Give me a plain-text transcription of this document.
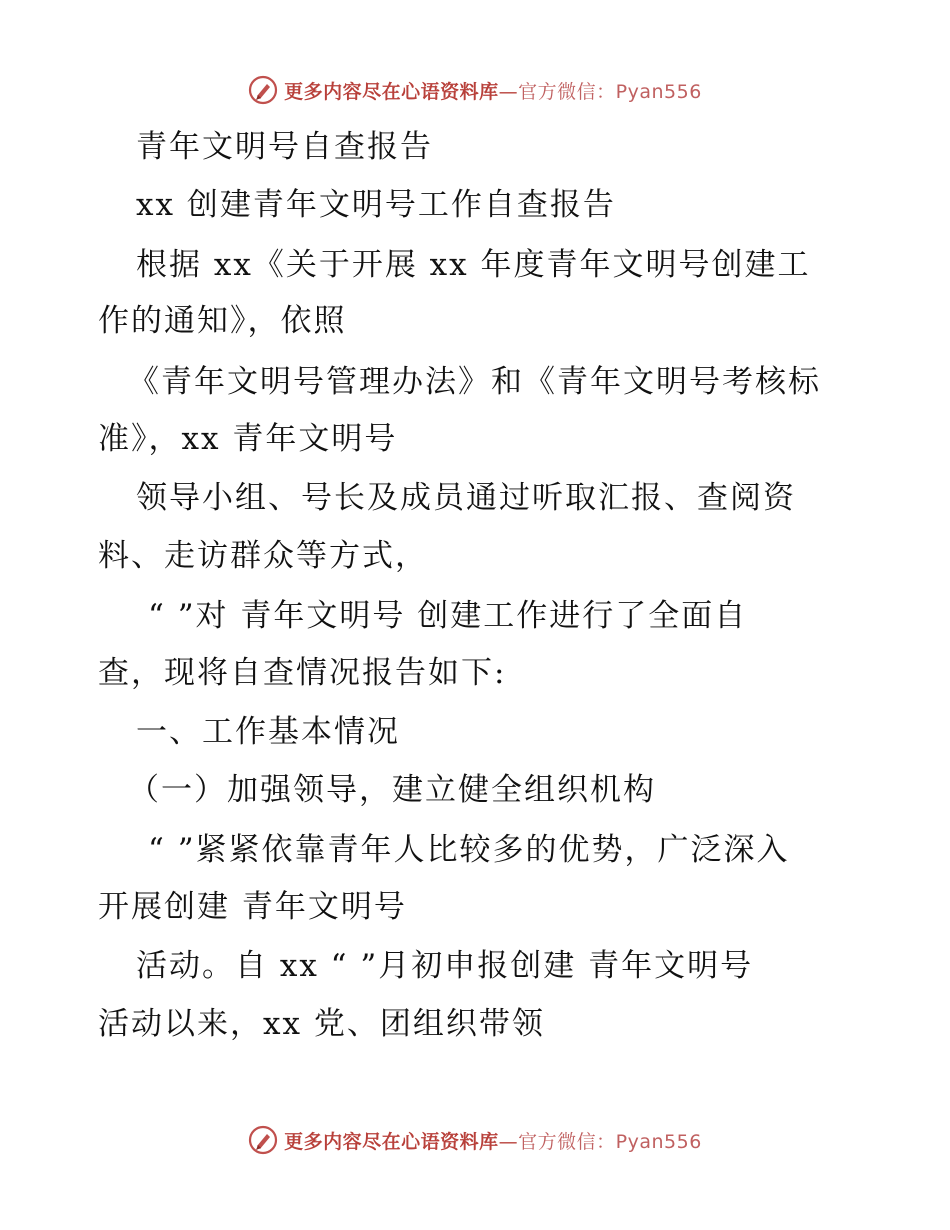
更多内容尽在心语资料库—官方微信：Pyan556
青年文明号自查报告
xx 创建青年文明号工作自查报告
根据 xx《关于开展 xx 年度青年文明号创建工
作的通知》，依照
《青年文明号管理办法》和《青年文明号考核标
准》，xx 青年文明号
领导小组、号长及成员通过听取汇报、查阅资
料、走访群众等方式，
“ ”对 青年文明号 创建工作进行了全面自
查，现将自查情况报告如下:
一、工作基本情况
（一）加强领导，建立健全组织机构
“ ”紧紧依靠青年人比较多的优势，广泛深入
开展创建 青年文明号
活动。自 xx “ ”月初申报创建 青年文明号
活动以来，xx 党、团组织带领
更多内容尽在心语资料库—官方微信：Pyan556
